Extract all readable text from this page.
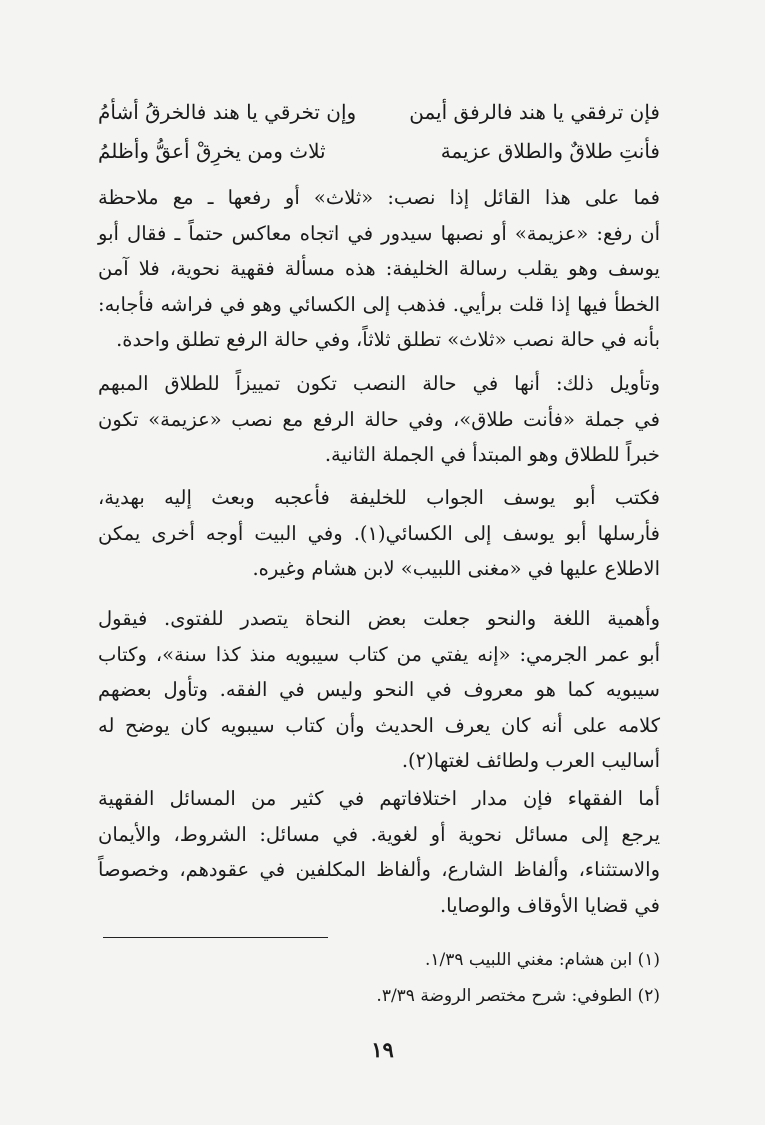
فإن ترفقي يا هند فالرفق أيمن
وإن تخرقي يا هند فالخرقُ أشأمُ
فأنتِ طلاقٌ والطلاق عزيمة
ثلاث ومن يخرِقْ أعقُّ وأظلمُ

فما على هذا القائل إذا نصب: «ثلاث» أو رفعها ـ مع ملاحظة
أن رفع: «عزيمة» أو نصبها سيدور في اتجاه معاكس حتماً ـ فقال أبو
يوسف وهو يقلب رسالة الخليفة: هذه مسألة فقهية نحوية، فلا آمن
الخطأ فيها إذا قلت برأيي. فذهب إلى الكسائي وهو في فراشه فأجابه:
بأنه في حالة نصب «ثلاث» تطلق ثلاثاً، وفي حالة الرفع تطلق واحدة.

وتأويل ذلك: أنها في حالة النصب تكون تمييزاً للطلاق المبهم
في جملة «فأنت طلاق»، وفي حالة الرفع مع نصب «عزيمة» تكون
خبراً للطلاق وهو المبتدأ في الجملة الثانية.

فكتب أبو يوسف الجواب للخليفة فأعجبه وبعث إليه بهدية،
فأرسلها أبو يوسف إلى الكسائي(١). وفي البيت أوجه أخرى يمكن
الاطلاع عليها في «مغنى اللبيب» لابن هشام وغيره.

وأهمية اللغة والنحو جعلت بعض النحاة يتصدر للفتوى. فيقول
أبو عمر الجرمي: «إنه يفتي من كتاب سيبويه منذ كذا سنة»، وكتاب
سيبويه كما هو معروف في النحو وليس في الفقه. وتأول بعضهم
كلامه على أنه كان يعرف الحديث وأن كتاب سيبويه كان يوضح له
أساليب العرب ولطائف لغتها(٢).

أما الفقهاء فإن مدار اختلافاتهم في كثير من المسائل الفقهية
يرجع إلى مسائل نحوية أو لغوية. في مسائل: الشروط، والأيمان
والاستثناء، وألفاظ الشارع، وألفاظ المكلفين في عقودهم، وخصوصاً
في قضايا الأوقاف والوصايا.

(١) ابن هشام: مغني اللبيب ١/٣٩.
(٢) الطوفي: شرح مختصر الروضة ٣/٣٩.
١٩
